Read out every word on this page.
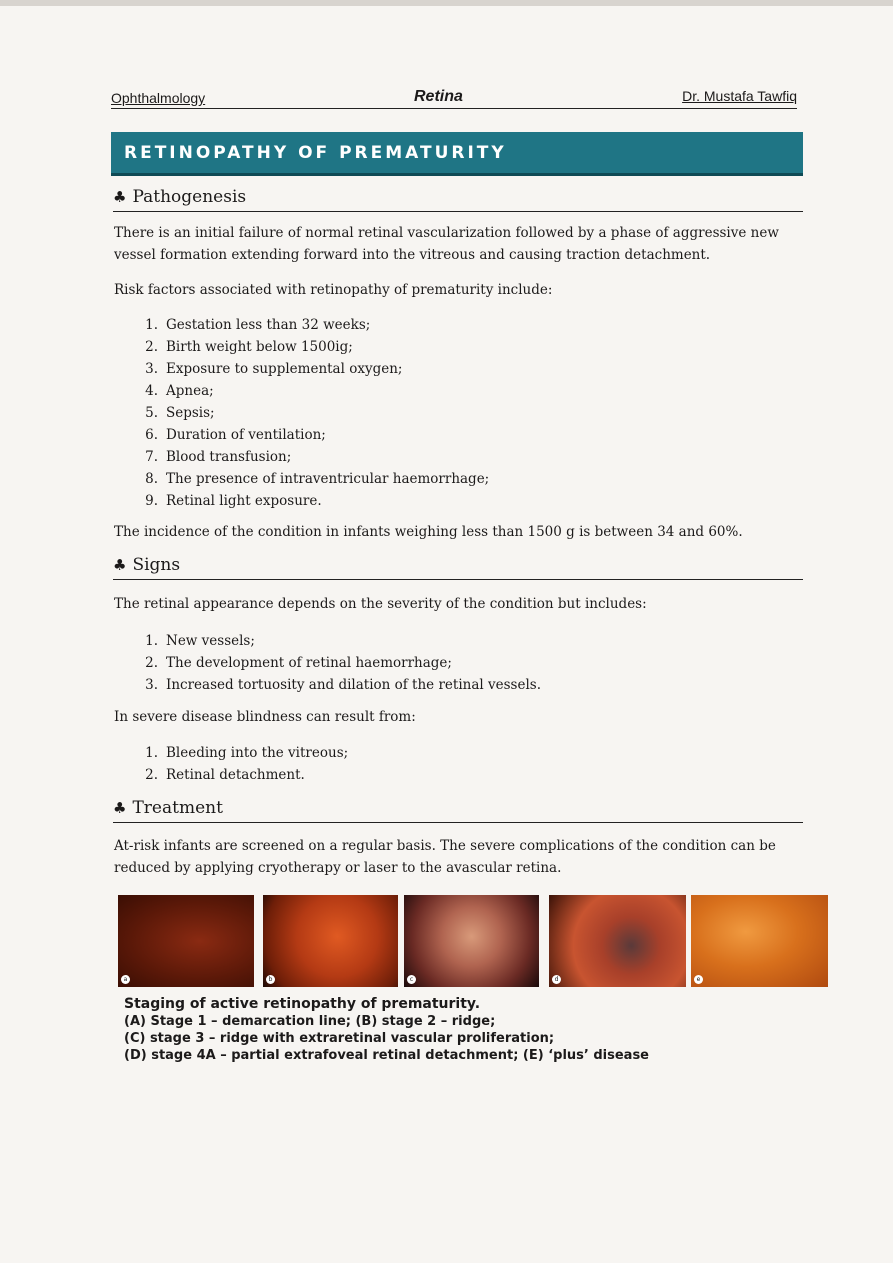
Ophthalmology	Retina	Dr. Mustafa Tawfiq
RETINOPATHY OF PREMATURITY
♣ Pathogenesis

There is an initial failure of normal retinal vascularization followed by a phase of aggressive new vessel formation extending forward into the vitreous and causing traction detachment.

Risk factors associated with retinopathy of prematurity include:

1. Gestation less than 32 weeks;
2. Birth weight below 1500ig;
3. Exposure to supplemental oxygen;
4. Apnea;
5. Sepsis;
6. Duration of ventilation;
7. Blood transfusion;
8. The presence of intraventricular haemorrhage;
9. Retinal light exposure.

The incidence of the condition in infants weighing less than 1500 g is between 34 and 60%.

♣ Signs

The retinal appearance depends on the severity of the condition but includes:

1. New vessels;
2. The development of retinal haemorrhage;
3. Increased tortuosity and dilation of the retinal vessels.

In severe disease blindness can result from:

1. Bleeding into the vitreous;
2. Retinal detachment.
♣ Treatment

At-risk infants are screened on a regular basis. The severe complications of the condition can be reduced by applying cryotherapy or laser to the avascular retina.

a	b	c	d	e
Staging of active retinopathy of prematurity.
(A) Stage 1 – demarcation line; (B) stage 2 – ridge;
(C) stage 3 – ridge with extraretinal vascular proliferation;
(D) stage 4A – partial extrafoveal retinal detachment; (E) ‘plus’ disease
